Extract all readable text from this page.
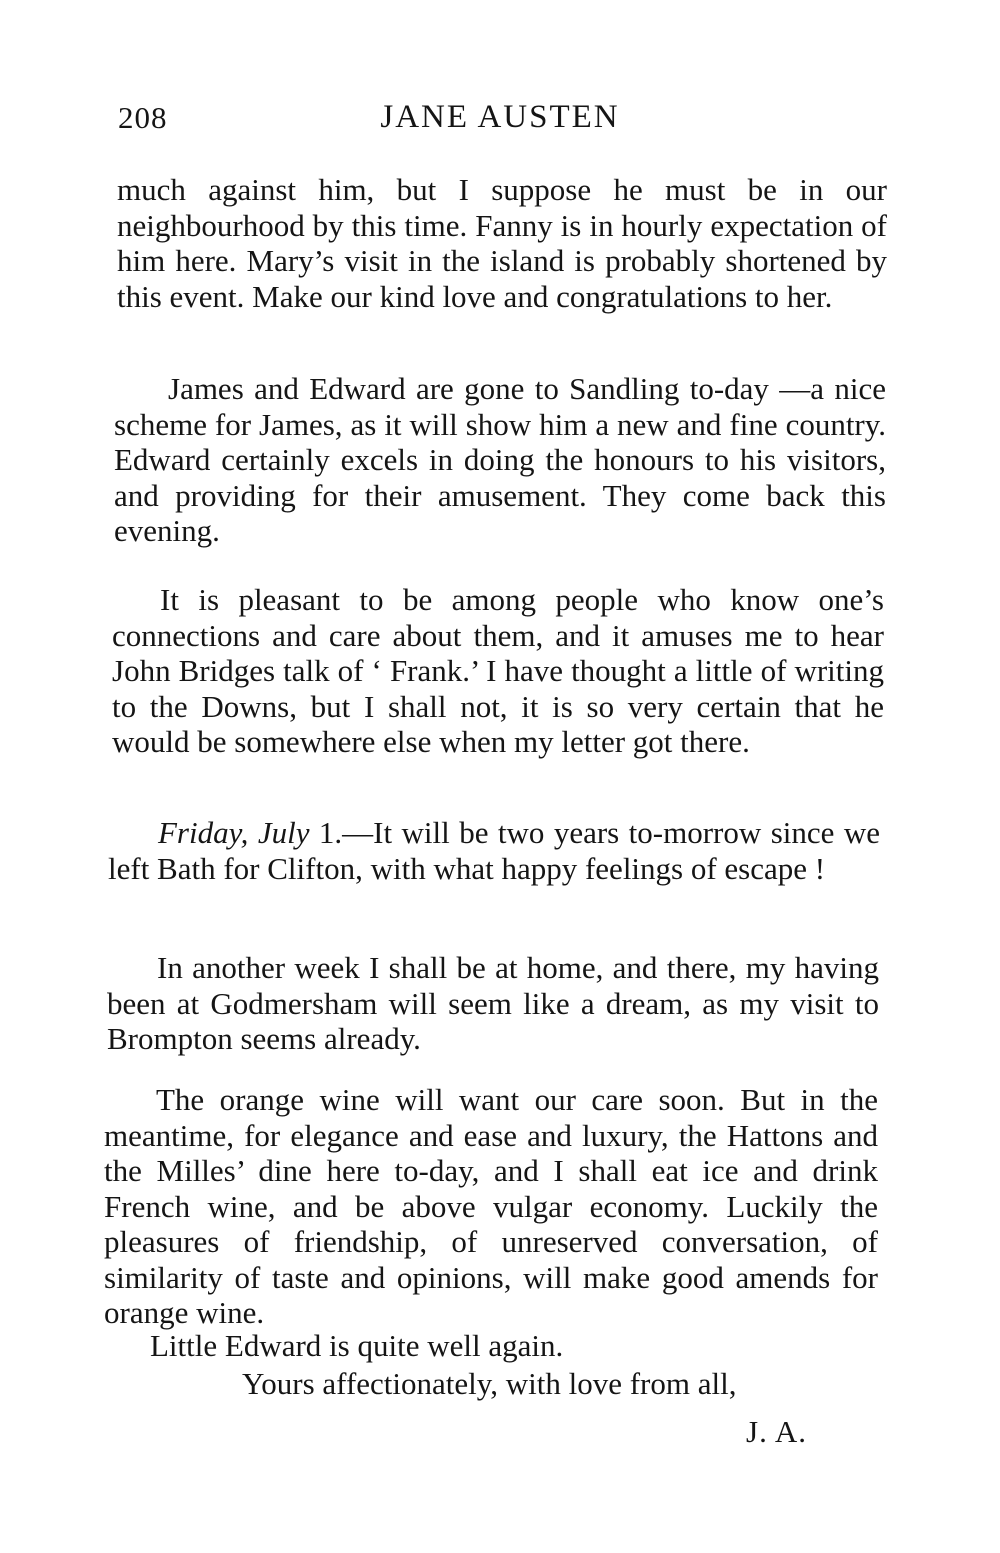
208	JANE AUSTEN

much against him, but I suppose he must be in our neighbourhood by this time. Fanny is in hourly expectation of him here. Mary’s visit in the island is probably shortened by this event. Make our kind love and congratulations to her.

James and Edward are gone to Sandling to-day —a nice scheme for James, as it will show him a new and fine country. Edward certainly excels in doing the honours to his visitors, and providing for their amusement. They come back this evening.

It is pleasant to be among people who know one’s connections and care about them, and it amuses me to hear John Bridges talk of ‘ Frank.’ I have thought a little of writing to the Downs, but I shall not, it is so very certain that he would be somewhere else when my letter got there.

Friday, July 1.—It will be two years to-morrow since we left Bath for Clifton, with what happy feelings of escape !

In another week I shall be at home, and there, my having been at Godmersham will seem like a dream, as my visit to Brompton seems already.

The orange wine will want our care soon. But in the meantime, for elegance and ease and luxury, the Hattons and the Milles’ dine here to-day, and I shall eat ice and drink French wine, and be above vulgar economy. Luckily the pleasures of friendship, of unreserved conversation, of similarity of taste and opinions, will make good amends for orange wine.

Little Edward is quite well again.

Yours affectionately, with love from all,
J. A.
